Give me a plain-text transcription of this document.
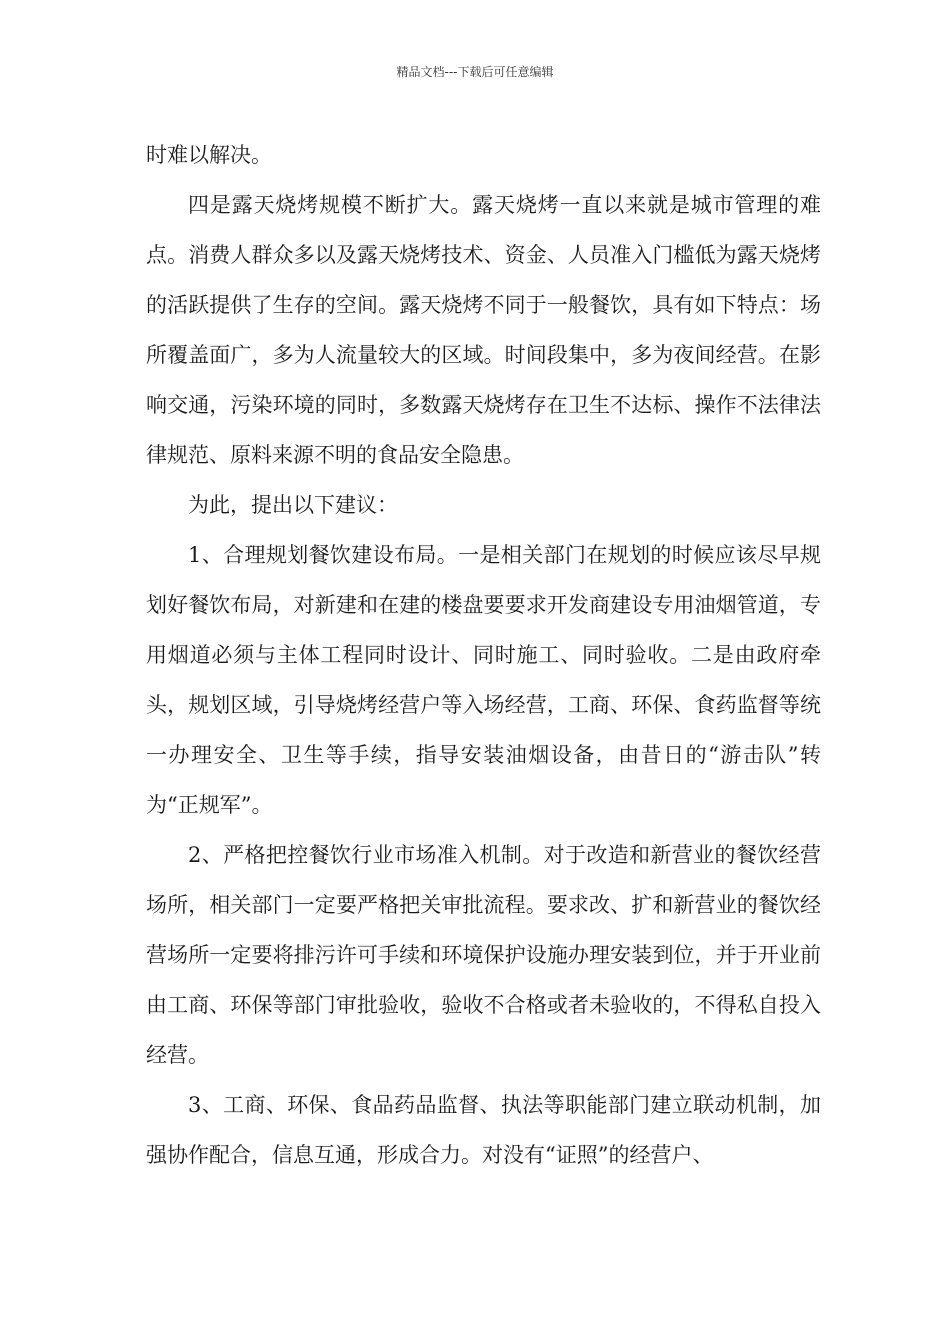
精品文档---下载后可任意编辑

时难以解决。

四是露天烧烤规模不断扩大。露天烧烤一直以来就是城市管理的难点。消费人群众多以及露天烧烤技术、资金、人员准入门槛低为露天烧烤的活跃提供了生存的空间。露天烧烤不同于一般餐饮，具有如下特点：场所覆盖面广，多为人流量较大的区域。时间段集中，多为夜间经营。在影响交通，污染环境的同时，多数露天烧烤存在卫生不达标、操作不法律法律规范、原料来源不明的食品安全隐患。

为此，提出以下建议：

1、合理规划餐饮建设布局。一是相关部门在规划的时候应该尽早规划好餐饮布局，对新建和在建的楼盘要要求开发商建设专用油烟管道，专用烟道必须与主体工程同时设计、同时施工、同时验收。二是由政府牵头，规划区域，引导烧烤经营户等入场经营，工商、环保、食药监督等统一办理安全、卫生等手续，指导安装油烟设备，由昔日的“游击队”转为“正规军”。

2、严格把控餐饮行业市场准入机制。对于改造和新营业的餐饮经营场所，相关部门一定要严格把关审批流程。要求改、扩和新营业的餐饮经营场所一定要将排污许可手续和环境保护设施办理安装到位，并于开业前由工商、环保等部门审批验收，验收不合格或者未验收的，不得私自投入经营。

3、工商、环保、食品药品监督、执法等职能部门建立联动机制，加强协作配合，信息互通，形成合力。对没有“证照”的经营户、
